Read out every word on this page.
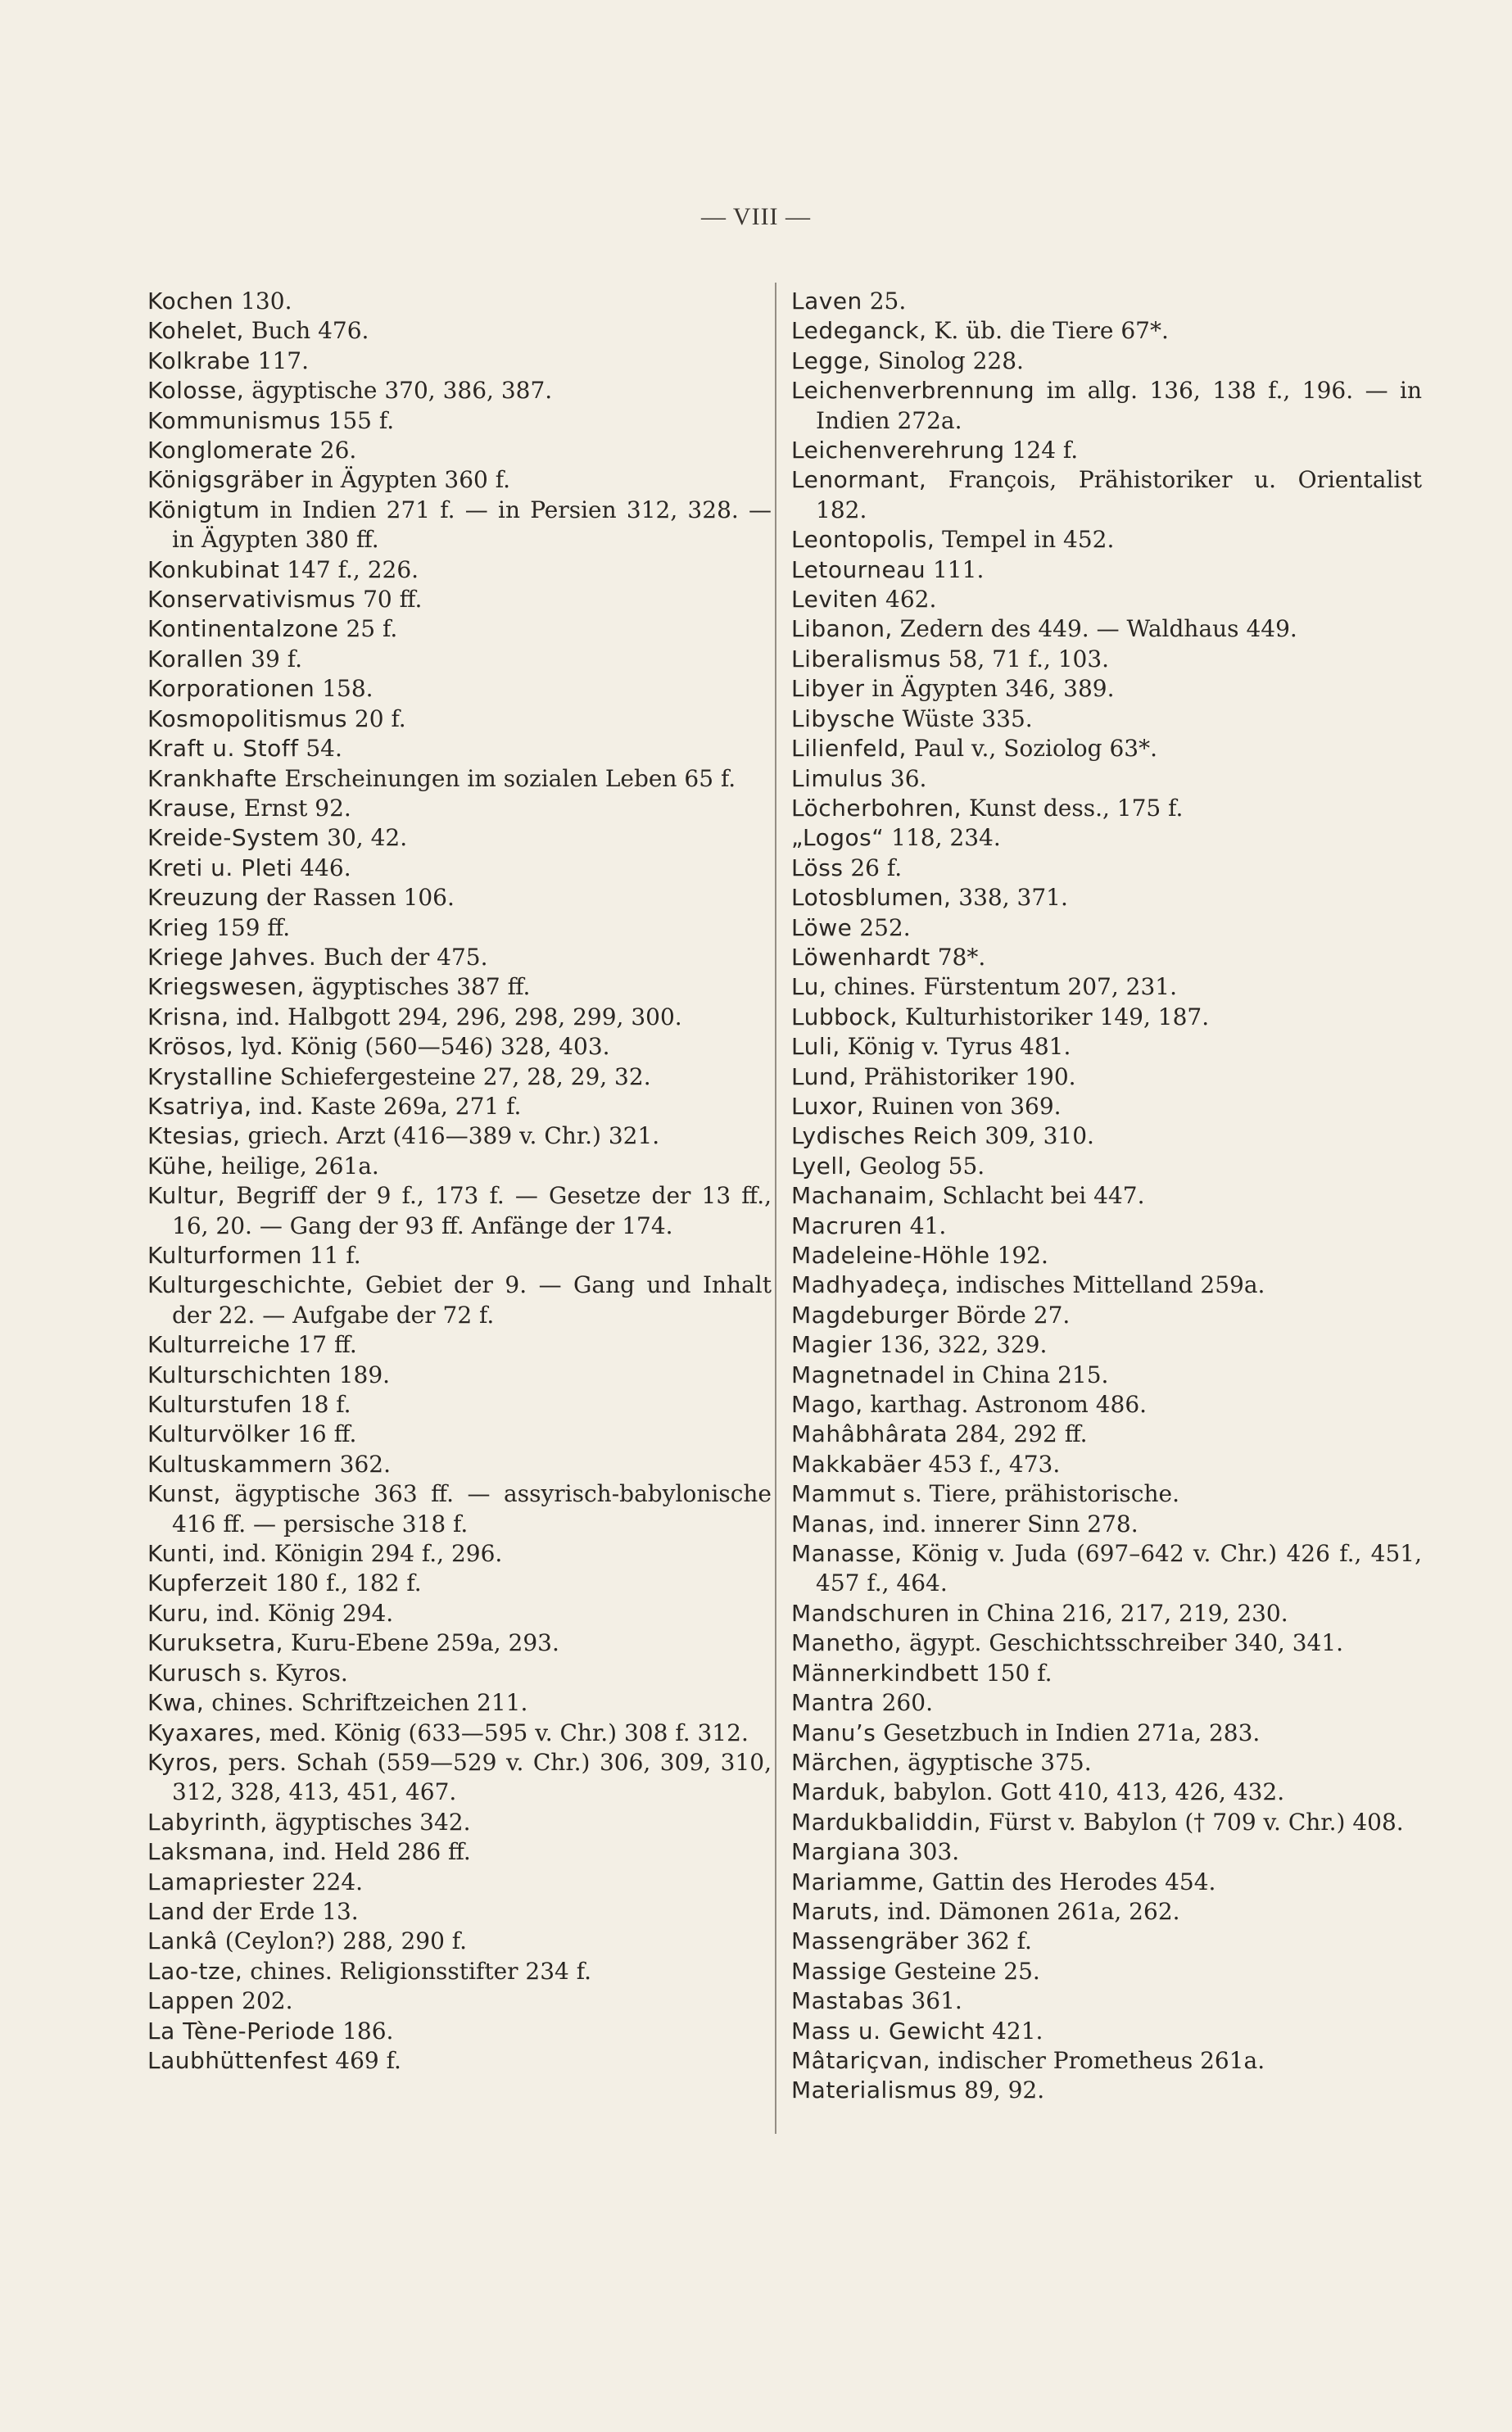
— VIII —
Kochen 130.
Kohelet, Buch 476.
Kolkrabe 117.
Kolosse, ägyptische 370, 386, 387.
Kommunismus 155 f.
Konglomerate 26.
Königsgräber in Ägypten 360 f.
Königtum in Indien 271 f. — in Persien 312, 328. — in Ägypten 380 ff.
Konkubinat 147 f., 226.
Konservativismus 70 ff.
Kontinentalzone 25 f.
Korallen 39 f.
Korporationen 158.
Kosmopolitismus 20 f.
Kraft u. Stoff 54.
Krankhafte Erscheinungen im sozialen Leben 65 f.
Krause, Ernst 92.
Kreide-System 30, 42.
Kreti u. Pleti 446.
Kreuzung der Rassen 106.
Krieg 159 ff.
Kriege Jahves. Buch der 475.
Kriegswesen, ägyptisches 387 ff.
Krisna, ind. Halbgott 294, 296, 298, 299, 300.
Krösos, lyd. König (560—546) 328, 403.
Krystalline Schiefergesteine 27, 28, 29, 32.
Ksatriya, ind. Kaste 269a, 271 f.
Ktesias, griech. Arzt (416—389 v. Chr.) 321.
Kühe, heilige, 261a.
Kultur, Begriff der 9 f., 173 f. — Gesetze der 13 ff., 16, 20. — Gang der 93 ff. Anfänge der 174.
Kulturformen 11 f.
Kulturgeschichte, Gebiet der 9. — Gang und Inhalt der 22. — Aufgabe der 72 f.
Kulturreiche 17 ff.
Kulturschichten 189.
Kulturstufen 18 f.
Kulturvölker 16 ff.
Kultuskammern 362.
Kunst, ägyptische 363 ff. — assyrisch-babylonische 416 ff. — persische 318 f.
Kunti, ind. Königin 294 f., 296.
Kupferzeit 180 f., 182 f.
Kuru, ind. König 294.
Kuruksetra, Kuru-Ebene 259a, 293.
Kurusch s. Kyros.
Kwa, chines. Schriftzeichen 211.
Kyaxares, med. König (633—595 v. Chr.) 308 f. 312.
Kyros, pers. Schah (559—529 v. Chr.) 306, 309, 310, 312, 328, 413, 451, 467.
Labyrinth, ägyptisches 342.
Laksmana, ind. Held 286 ff.
Lamapriester 224.
Land der Erde 13.
Lankâ (Ceylon?) 288, 290 f.
Lao-tze, chines. Religionsstifter 234 f.
Lappen 202.
La Tène-Periode 186.
Laubhüttenfest 469 f.
Laven 25.
Ledeganck, K. üb. die Tiere 67*.
Legge, Sinolog 228.
Leichenverbrennung im allg. 136, 138 f., 196. — in Indien 272a.
Leichenverehrung 124 f.
Lenormant, François, Prähistoriker u. Orientalist 182.
Leontopolis, Tempel in 452.
Letourneau 111.
Leviten 462.
Libanon, Zedern des 449. — Waldhaus 449.
Liberalismus 58, 71 f., 103.
Libyer in Ägypten 346, 389.
Libysche Wüste 335.
Lilienfeld, Paul v., Soziolog 63*.
Limulus 36.
Löcherbohren, Kunst dess., 175 f.
„Logos“ 118, 234.
Löss 26 f.
Lotosblumen, 338, 371.
Löwe 252.
Löwenhardt 78*.
Lu, chines. Fürstentum 207, 231.
Lubbock, Kulturhistoriker 149, 187.
Luli, König v. Tyrus 481.
Lund, Prähistoriker 190.
Luxor, Ruinen von 369.
Lydisches Reich 309, 310.
Lyell, Geolog 55.
Machanaim, Schlacht bei 447.
Macruren 41.
Madeleine-Höhle 192.
Madhyadeça, indisches Mittelland 259a.
Magdeburger Börde 27.
Magier 136, 322, 329.
Magnetnadel in China 215.
Mago, karthag. Astronom 486.
Mahâbhârata 284, 292 ff.
Makkabäer 453 f., 473.
Mammut s. Tiere, prähistorische.
Manas, ind. innerer Sinn 278.
Manasse, König v. Juda (697–642 v. Chr.) 426 f., 451, 457 f., 464.
Mandschuren in China 216, 217, 219, 230.
Manetho, ägypt. Geschichtsschreiber 340, 341.
Männerkindbett 150 f.
Mantra 260.
Manu’s Gesetzbuch in Indien 271a, 283.
Märchen, ägyptische 375.
Marduk, babylon. Gott 410, 413, 426, 432.
Mardukbaliddin, Fürst v. Babylon († 709 v. Chr.) 408.
Margiana 303.
Mariamme, Gattin des Herodes 454.
Maruts, ind. Dämonen 261a, 262.
Massengräber 362 f.
Massige Gesteine 25.
Mastabas 361.
Mass u. Gewicht 421.
Mâtariçvan, indischer Prometheus 261a.
Materialismus 89, 92.
